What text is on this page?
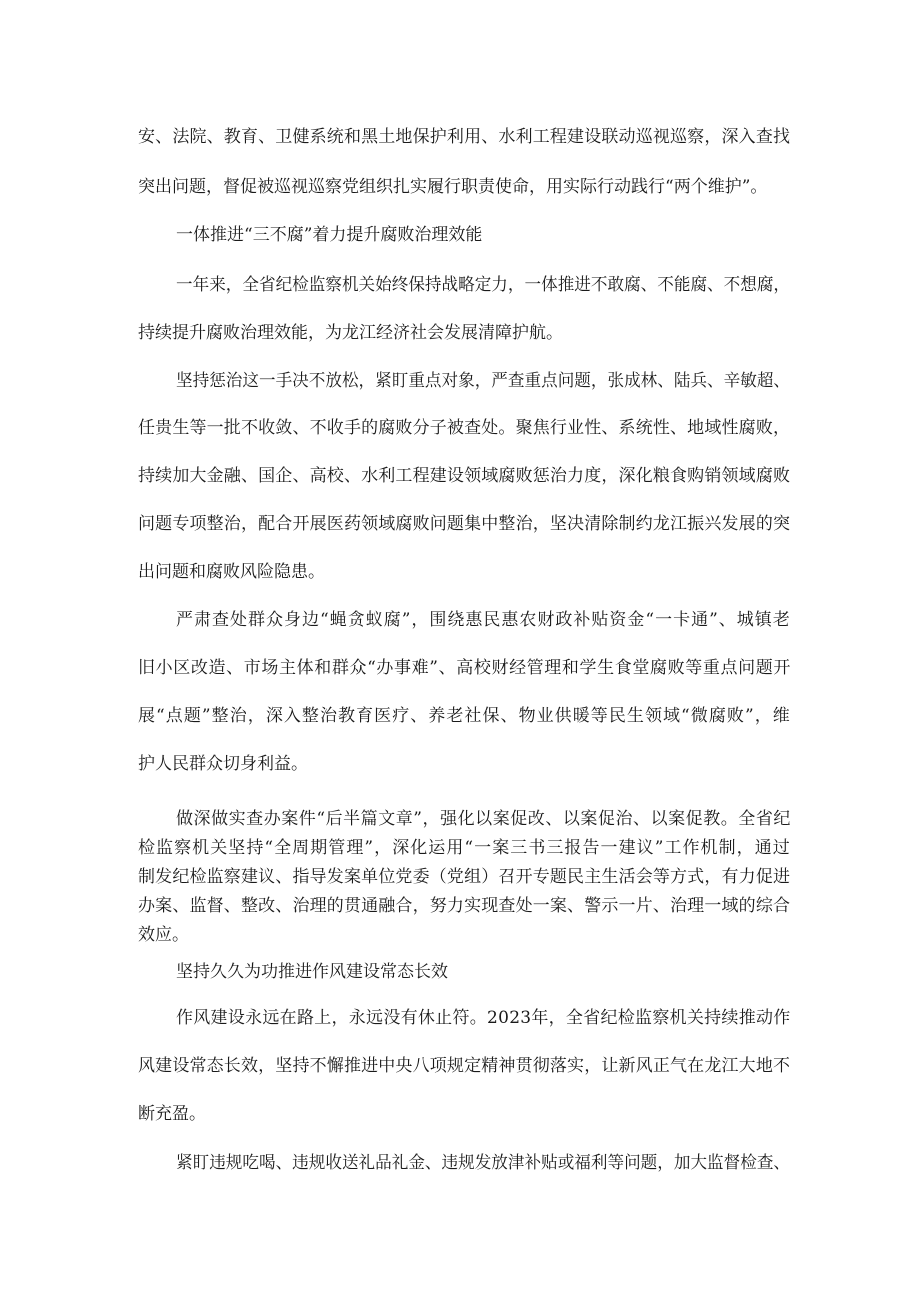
安、法院、教育、卫健系统和黑土地保护利用、水利工程建设联动巡视巡察，深入查找
突出问题，督促被巡视巡察党组织扎实履行职责使命，用实际行动践行“两个维护”。
一体推进“三不腐”着力提升腐败治理效能
一年来，全省纪检监察机关始终保持战略定力，一体推进不敢腐、不能腐、不想腐，
持续提升腐败治理效能，为龙江经济社会发展清障护航。
坚持惩治这一手决不放松，紧盯重点对象，严查重点问题，张成林、陆兵、辛敏超、
任贵生等一批不收敛、不收手的腐败分子被查处。聚焦行业性、系统性、地域性腐败，
持续加大金融、国企、高校、水利工程建设领域腐败惩治力度，深化粮食购销领域腐败
问题专项整治，配合开展医药领域腐败问题集中整治，坚决清除制约龙江振兴发展的突
出问题和腐败风险隐患。
严肃查处群众身边“蝇贪蚁腐”，围绕惠民惠农财政补贴资金“一卡通”、城镇老
旧小区改造、市场主体和群众“办事难”、高校财经管理和学生食堂腐败等重点问题开
展“点题”整治，深入整治教育医疗、养老社保、物业供暖等民生领域“微腐败”，维
护人民群众切身利益。
做深做实查办案件“后半篇文章”，强化以案促改、以案促治、以案促教。全省纪
检监察机关坚持“全周期管理”，深化运用“一案三书三报告一建议”工作机制，通过
制发纪检监察建议、指导发案单位党委（党组）召开专题民主生活会等方式，有力促进
办案、监督、整改、治理的贯通融合，努力实现查处一案、警示一片、治理一域的综合
效应。
坚持久久为功推进作风建设常态长效
作风建设永远在路上，永远没有休止符。2023年，全省纪检监察机关持续推动作
风建设常态长效，坚持不懈推进中央八项规定精神贯彻落实，让新风正气在龙江大地不
断充盈。
紧盯违规吃喝、违规收送礼品礼金、违规发放津补贴或福利等问题，加大监督检查、
